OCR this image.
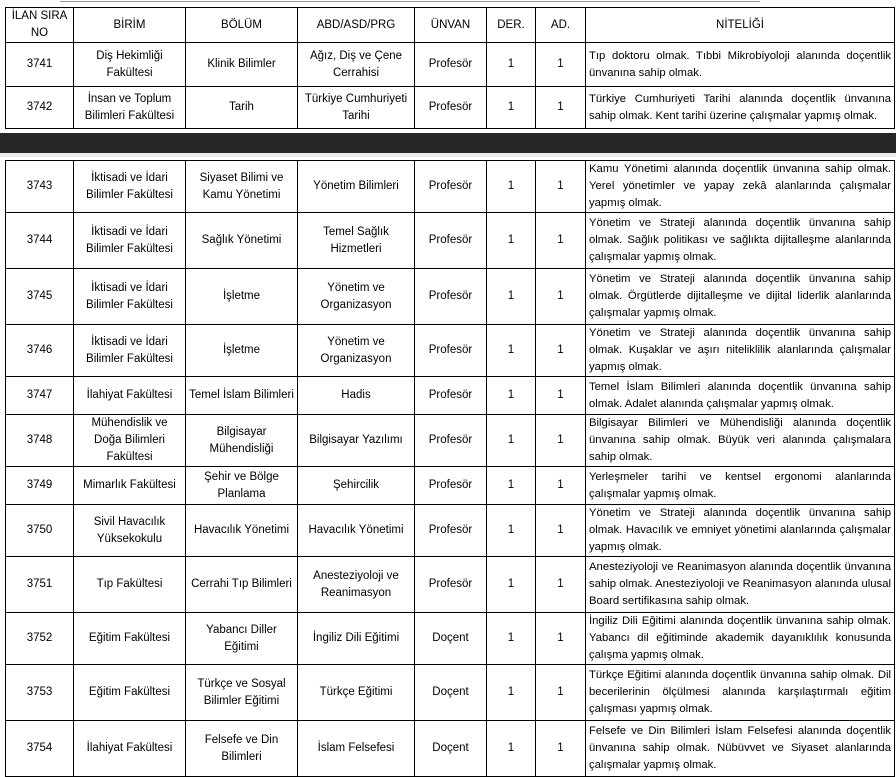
İLAN SIRA NO	BİRİM	BÖLÜM	ABD/ASD/PRG	ÜNVAN	DER.	AD.	NİTELİĞİ
3741	Diş Hekimliği Fakültesi	Klinik Bilimler	Ağız, Diş ve Çene Cerrahisi	Profesör	1	1	Tıp doktoru olmak. Tıbbi Mikrobiyoloji alanında doçentlik ünvanına sahip olmak.
3742	İnsan ve Toplum Bilimleri Fakültesi	Tarih	Türkiye Cumhuriyeti Tarihi	Profesör	1	1	Türkiye Cumhuriyeti Tarihi alanında doçentlik ünvanına sahip olmak. Kent tarihi üzerine çalışmalar yapmış olmak.
3743	İktisadi ve İdari Bilimler Fakültesi	Siyaset Bilimi ve Kamu Yönetimi	Yönetim Bilimleri	Profesör	1	1	Kamu Yönetimi alanında doçentlik ünvanına sahip olmak. Yerel yönetimler ve yapay zekâ alanlarında çalışmalar yapmış olmak.
3744	İktisadi ve İdari Bilimler Fakültesi	Sağlık Yönetimi	Temel Sağlık Hizmetleri	Profesör	1	1	Yönetim ve Strateji alanında doçentlik ünvanına sahip olmak. Sağlık politikası ve sağlıkta dijitalleşme alanlarında çalışmalar yapmış olmak.
3745	İktisadi ve İdari Bilimler Fakültesi	İşletme	Yönetim ve Organizasyon	Profesör	1	1	Yönetim ve Strateji alanında doçentlik ünvanına sahip olmak. Örgütlerde dijitalleşme ve dijital liderlik alanlarında çalışmalar yapmış olmak.
3746	İktisadi ve İdari Bilimler Fakültesi	İşletme	Yönetim ve Organizasyon	Profesör	1	1	Yönetim ve Strateji alanında doçentlik ünvanına sahip olmak. Kuşaklar ve aşırı niteliklilik alanlarında çalışmalar yapmış olmak.
3747	İlahiyat Fakültesi	Temel İslam Bilimleri	Hadis	Profesör	1	1	Temel İslam Bilimleri alanında doçentlik ünvanına sahip olmak. Adalet alanında çalışmalar yapmış olmak.
3748	Mühendislik ve Doğa Bilimleri Fakültesi	Bilgisayar Mühendisliği	Bilgisayar Yazılımı	Profesör	1	1	Bilgisayar Bilimleri ve Mühendisliği alanında doçentlik ünvanına sahip olmak. Büyük veri alanında çalışmalara sahip olmak.
3749	Mimarlık Fakültesi	Şehir ve Bölge Planlama	Şehircilik	Profesör	1	1	Yerleşmeler tarihi ve kentsel ergonomi alanlarında çalışmalar yapmış olmak.
3750	Sivil Havacılık Yüksekokulu	Havacılık Yönetimi	Havacılık Yönetimi	Profesör	1	1	Yönetim ve Strateji alanında doçentlik ünvanına sahip olmak. Havacılık ve emniyet yönetimi alanlarında çalışmalar yapmış olmak.
3751	Tıp Fakültesi	Cerrahi Tıp Bilimleri	Anesteziyoloji ve Reanimasyon	Profesör	1	1	Anesteziyoloji ve Reanimasyon alanında doçentlik ünvanına sahip olmak. Anesteziyoloji ve Reanimasyon alanında ulusal Board sertifikasına sahip olmak.
3752	Eğitim Fakültesi	Yabancı Diller Eğitimi	İngiliz Dili Eğitimi	Doçent	1	1	İngiliz Dili Eğitimi alanında doçentlik ünvanına sahip olmak. Yabancı dil eğitiminde akademik dayanıklılık konusunda çalışma yapmış olmak.
3753	Eğitim Fakültesi	Türkçe ve Sosyal Bilimler Eğitimi	Türkçe Eğitimi	Doçent	1	1	Türkçe Eğitimi alanında doçentlik ünvanına sahip olmak. Dil becerilerinin ölçülmesi alanında karşılaştırmalı eğitim çalışması yapmış olmak.
3754	İlahiyat Fakültesi	Felsefe ve Din Bilimleri	İslam Felsefesi	Doçent	1	1	Felsefe ve Din Bilimleri İslam Felsefesi alanında doçentlik ünvanına sahip olmak. Nübüvvet ve Siyaset alanlarında çalışmalar yapmış olmak.
